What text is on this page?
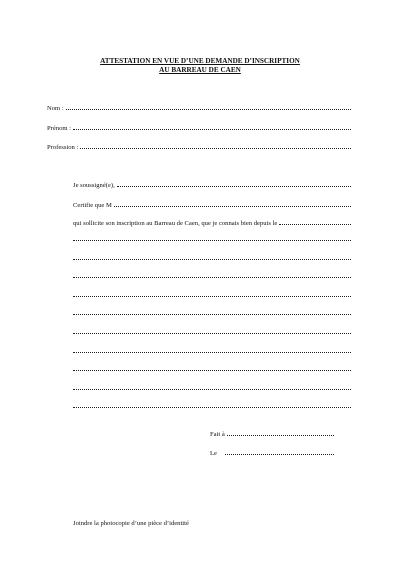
ATTESTATION EN VUE D’UNE DEMANDE D’INSCRIPTION
AU BARREAU DE CAEN
Nom :
Prénom :
Profession :
Je soussigné(e),
Certifie que M
qui sollicite son inscription au Barreau de Caen, que je connais bien depuis le
Fait à
Le
Joindre la photocopie d’une pièce d’identité
